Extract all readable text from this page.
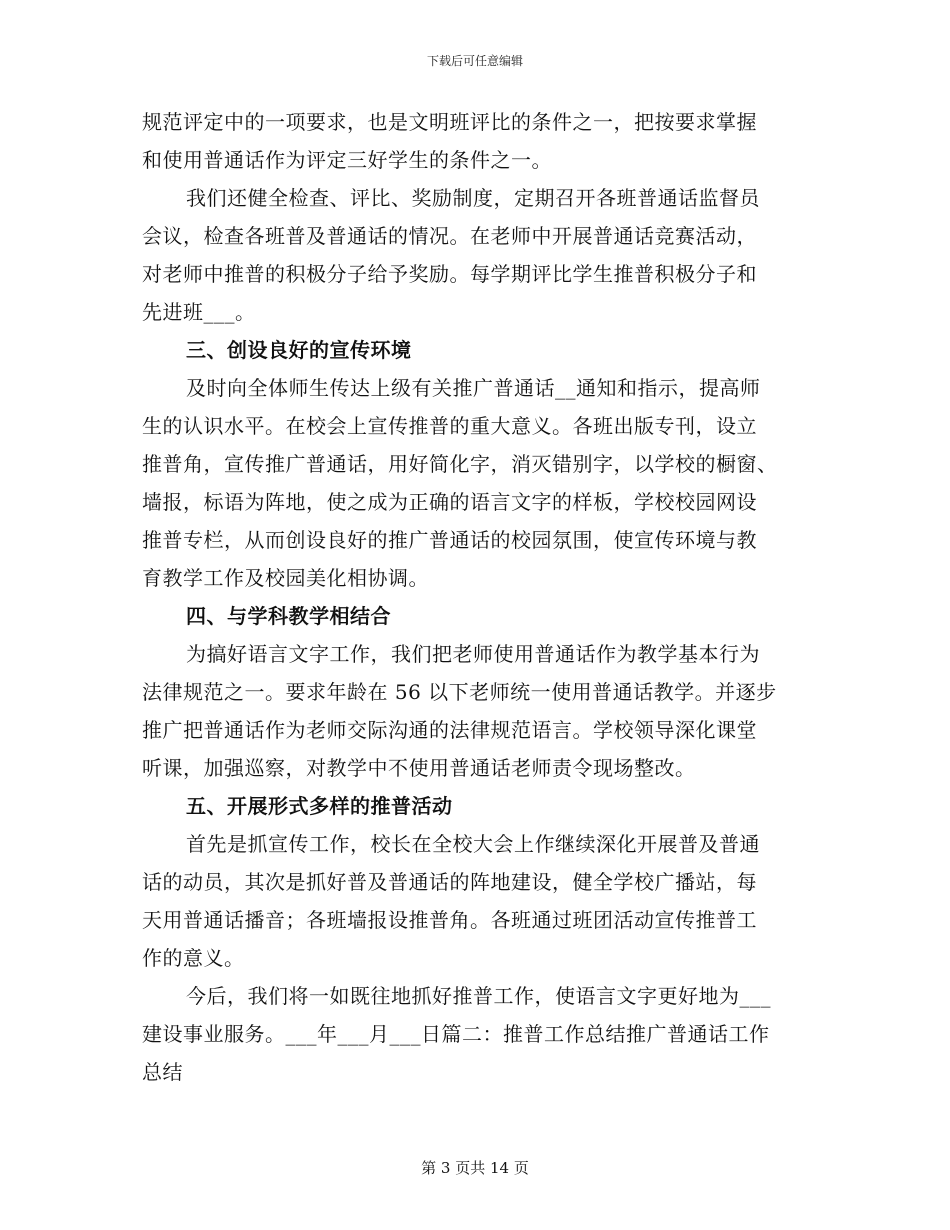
下载后可任意编辑
规范评定中的一项要求，也是文明班评比的条件之一，把按要求掌握
和使用普通话作为评定三好学生的条件之一。
我们还健全检查、评比、奖励制度，定期召开各班普通话监督员
会议，检查各班普及普通话的情况。在老师中开展普通话竞赛活动，
对老师中推普的积极分子给予奖励。每学期评比学生推普积极分子和
先进班___。
三、创设良好的宣传环境
及时向全体师生传达上级有关推广普通话__通知和指示，提高师
生的认识水平。在校会上宣传推普的重大意义。各班出版专刊，设立
推普角，宣传推广普通话，用好简化字，消灭错别字，以学校的橱窗、
墙报，标语为阵地，使之成为正确的语言文字的样板，学校校园网设
推普专栏，从而创设良好的推广普通话的校园氛围，使宣传环境与教
育教学工作及校园美化相协调。
四、与学科教学相结合
为搞好语言文字工作，我们把老师使用普通话作为教学基本行为
法律规范之一。要求年龄在 56 以下老师统一使用普通话教学。并逐步
推广把普通话作为老师交际沟通的法律规范语言。学校领导深化课堂
听课，加强巡察，对教学中不使用普通话老师责令现场整改。
五、开展形式多样的推普活动
首先是抓宣传工作，校长在全校大会上作继续深化开展普及普通
话的动员，其次是抓好普及普通话的阵地建设，健全学校广播站，每
天用普通话播音；各班墙报设推普角。各班通过班团活动宣传推普工
作的意义。
今后，我们将一如既往地抓好推普工作，使语言文字更好地为___
建设事业服务。___年___月___日篇二：推普工作总结推广普通话工作
总结
第 3 页共 14 页
